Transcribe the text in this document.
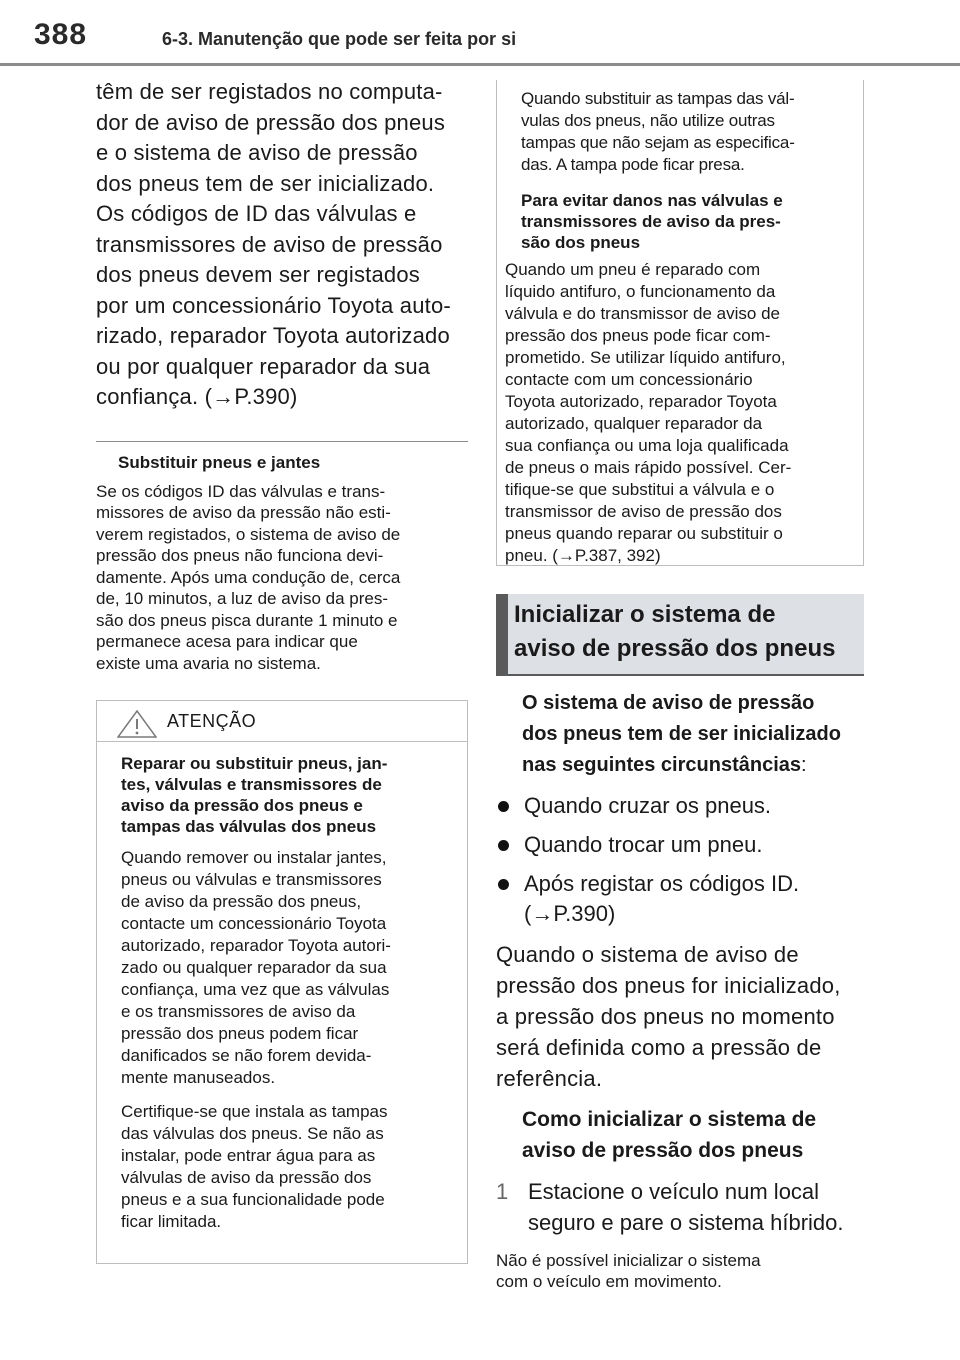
388	6-3. Manutenção que pode ser feita por si

têm de ser registados no computa-
dor de aviso de pressão dos pneus
e o sistema de aviso de pressão
dos pneus tem de ser inicializado.
Os códigos de ID das válvulas e
transmissores de aviso de pressão
dos pneus devem ser registados
por um concessionário Toyota auto-
rizado, reparador Toyota autorizado
ou por qualquer reparador da sua
confiança. (→P.390)

Substituir pneus e jantes

Se os códigos ID das válvulas e trans-
missores de aviso da pressão não esti-
verem registados, o sistema de aviso de
pressão dos pneus não funciona devi-
damente. Após uma condução de, cerca
de, 10 minutos, a luz de aviso da pres-
são dos pneus pisca durante 1 minuto e
permanece acesa para indicar que
existe uma avaria no sistema.

ATENÇÃO

Reparar ou substituir pneus, jan-
tes, válvulas e transmissores de
aviso da pressão dos pneus e
tampas das válvulas dos pneus

Quando remover ou instalar jantes,
pneus ou válvulas e transmissores
de aviso da pressão dos pneus,
contacte um concessionário Toyota
autorizado, reparador Toyota autori-
zado ou qualquer reparador da sua
confiança, uma vez que as válvulas
e os transmissores de aviso da
pressão dos pneus podem ficar
danificados se não forem devida-
mente manuseados.

Certifique-se que instala as tampas
das válvulas dos pneus. Se não as
instalar, pode entrar água para as
válvulas de aviso da pressão dos
pneus e a sua funcionalidade pode
ficar limitada.

Quando substituir as tampas das vál-
vulas dos pneus, não utilize outras
tampas que não sejam as especifica-
das. A tampa pode ficar presa.

Para evitar danos nas válvulas e
transmissores de aviso da pres-
são dos pneus

Quando um pneu é reparado com
líquido antifuro, o funcionamento da
válvula e do transmissor de aviso de
pressão dos pneus pode ficar com-
prometido. Se utilizar líquido antifuro,
contacte com um concessionário
Toyota autorizado, reparador Toyota
autorizado, qualquer reparador da
sua confiança ou uma loja qualificada
de pneus o mais rápido possível. Cer-
tifique-se que substitui a válvula e o
transmissor de aviso de pressão dos
pneus quando reparar ou substituir o
pneu. (→P.387, 392)

Inicializar o sistema de
aviso de pressão dos pneus

O sistema de aviso de pressão
dos pneus tem de ser inicializado
nas seguintes circunstâncias:

Quando cruzar os pneus.
Quando trocar um pneu.
Após registar os códigos ID.
(→P.390)

Quando o sistema de aviso de
pressão dos pneus for inicializado,
a pressão dos pneus no momento
será definida como a pressão de
referência.

Como inicializar o sistema de
aviso de pressão dos pneus

1 Estacione o veículo num local
seguro e pare o sistema híbrido.

Não é possível inicializar o sistema
com o veículo em movimento.
